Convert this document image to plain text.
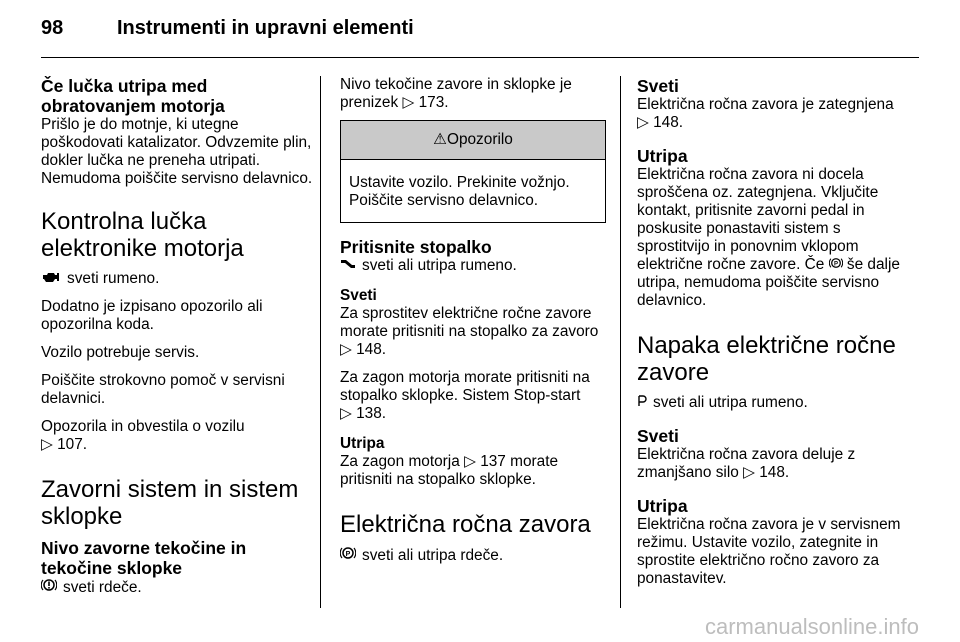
98	Instrumenti in upravni elementi
Če lučka utripa med obratovanjem motorja

Prišlo je do motnje, ki utegne poškodovati katalizator. Odvzemite plin, dokler lučka ne preneha utripati. Nemudoma poiščite servisno delavnico.

Kontrolna lučka elektronike motorja

sveti rumeno.

Dodatno je izpisano opozorilo ali opozorilna koda.

Vozilo potrebuje servis.

Poiščite strokovno pomoč v servisni delavnici.

Opozorila in obvestila o vozilu
▷ 107.

Zavorni sistem in sistem sklopke
Nivo zavorne tekočine in tekočine sklopke

sveti rdeče.

Nivo tekočine zavore in sklopke je prenizek ▷ 173.

⚠Opozorilo
Ustavite vozilo. Prekinite vožnjo. Poiščite servisno delavnico.
Pritisnite stopalko

sveti ali utripa rumeno.

Sveti

Za sprostitev električne ročne zavore morate pritisniti na stopalko za zavoro
▷ 148.

Za zagon motorja morate pritisniti na stopalko sklopke. Sistem Stop-start
▷ 138.

Utripa

Za zagon motorja ▷ 137 morate pritisniti na stopalko sklopke.

Električna ročna zavora

P sveti ali utripa rdeče.

Sveti

Električna ročna zavora je zategnjena
▷ 148.

Utripa

Električna ročna zavora ni docela sproščena oz. zategnjena. Vključite kontakt, pritisnite zavorni pedal in poskusite ponastaviti sistem s sprostitvijo in ponovnim vklopom električne ročne zavore. Če P še dalje utripa, nemudoma poiščite servisno delavnico.

Napaka električne ročne zavore

sveti ali utripa rumeno.

Sveti

Električna ročna zavora deluje z zmanjšano silo ▷ 148.

Utripa

Električna ročna zavora je v servisnem režimu. Ustavite vozilo, zategnite in sprostite električno ročno zavoro za ponastavitev.

carmanualsonline.info
